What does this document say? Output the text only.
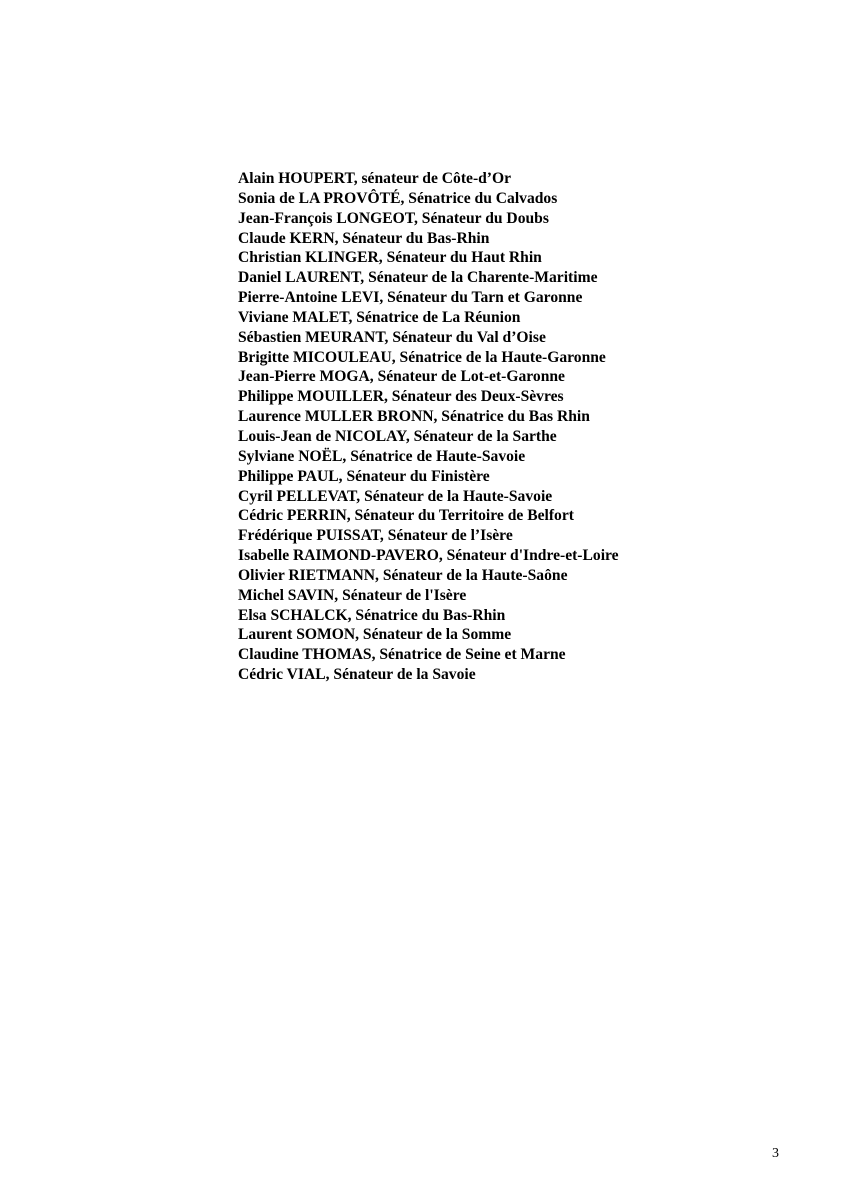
Alain HOUPERT, sénateur de Côte-d’Or
Sonia de LA PROVÔTÉ, Sénatrice du Calvados
Jean-François LONGEOT, Sénateur du Doubs
Claude KERN, Sénateur du Bas-Rhin
Christian KLINGER, Sénateur du Haut Rhin
Daniel LAURENT, Sénateur de la Charente-Maritime
Pierre-Antoine LEVI, Sénateur du Tarn et Garonne
Viviane MALET, Sénatrice de La Réunion
Sébastien MEURANT, Sénateur du Val d’Oise
Brigitte MICOULEAU, Sénatrice de la Haute-Garonne
Jean-Pierre MOGA, Sénateur de Lot-et-Garonne
Philippe MOUILLER, Sénateur des Deux-Sèvres
Laurence MULLER BRONN, Sénatrice du Bas Rhin
Louis-Jean de NICOLAY, Sénateur de la Sarthe
Sylviane NOËL, Sénatrice de Haute-Savoie
Philippe PAUL, Sénateur du Finistère
Cyril PELLEVAT, Sénateur de la Haute-Savoie
Cédric PERRIN, Sénateur du Territoire de Belfort
Frédérique PUISSAT, Sénateur de l’Isère
Isabelle RAIMOND-PAVERO, Sénateur d'Indre-et-Loire
Olivier RIETMANN, Sénateur de la Haute-Saône
Michel SAVIN, Sénateur de l'Isère
Elsa SCHALCK, Sénatrice du Bas-Rhin
Laurent SOMON, Sénateur de la Somme
Claudine THOMAS, Sénatrice de Seine et Marne
Cédric VIAL, Sénateur de la Savoie
3
